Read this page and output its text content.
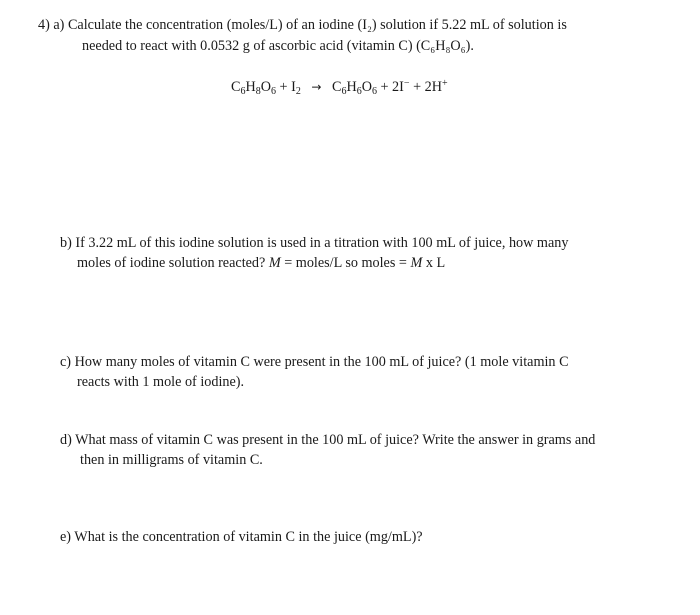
4) a) Calculate the concentration (moles/L) of an iodine (I₂) solution if 5.22 mL of solution is
needed to react with 0.0532 g of ascorbic acid (vitamin C) (C₆H₈O₆).
$C_6H_8O_6 + I_2 \to C_6H_6O_6 + 2I^- + 2H^+$
b) If 3.22 mL of this iodine solution is used in a titration with 100 mL of juice, how many
moles of iodine solution reacted? M = moles/L so moles = M x L
c) How many moles of vitamin C were present in the 100 mL of juice? (1 mole vitamin C
reacts with 1 mole of iodine).
d) What mass of vitamin C was present in the 100 mL of juice? Write the answer in grams and
then in milligrams of vitamin C.
e) What is the concentration of vitamin C in the juice (mg/mL)?
